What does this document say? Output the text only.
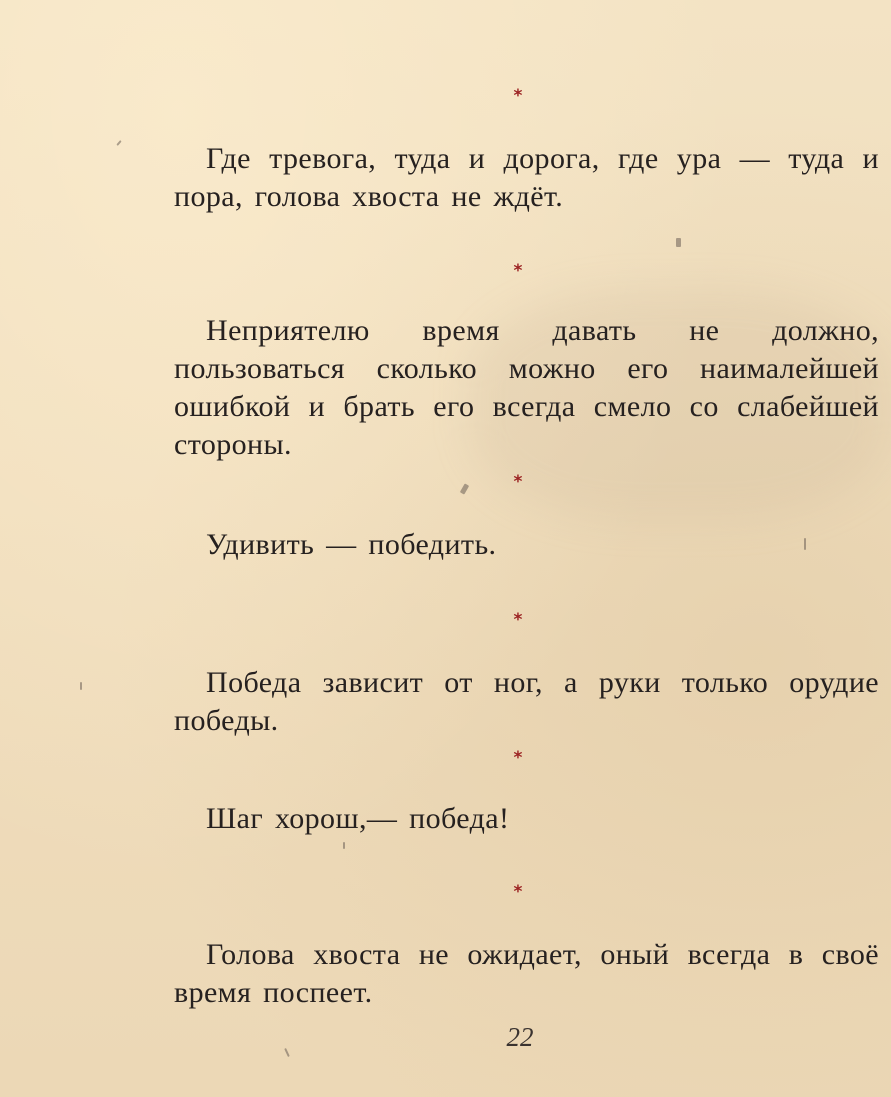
*

Где тревога, туда и дорога, где ура — туда и пора, голова хвоста не ждёт.

*

Неприятелю время давать не должно, пользоваться сколько можно его наималейшей ошибкой и брать его всегда смело со слабейшей стороны.

*

Удивить — победить.

*

Победа зависит от ног, а руки только орудие победы.

*

Шаг хорош,— победа!

*

Голова хвоста не ожидает, оный всегда в своё время поспеет.

22
